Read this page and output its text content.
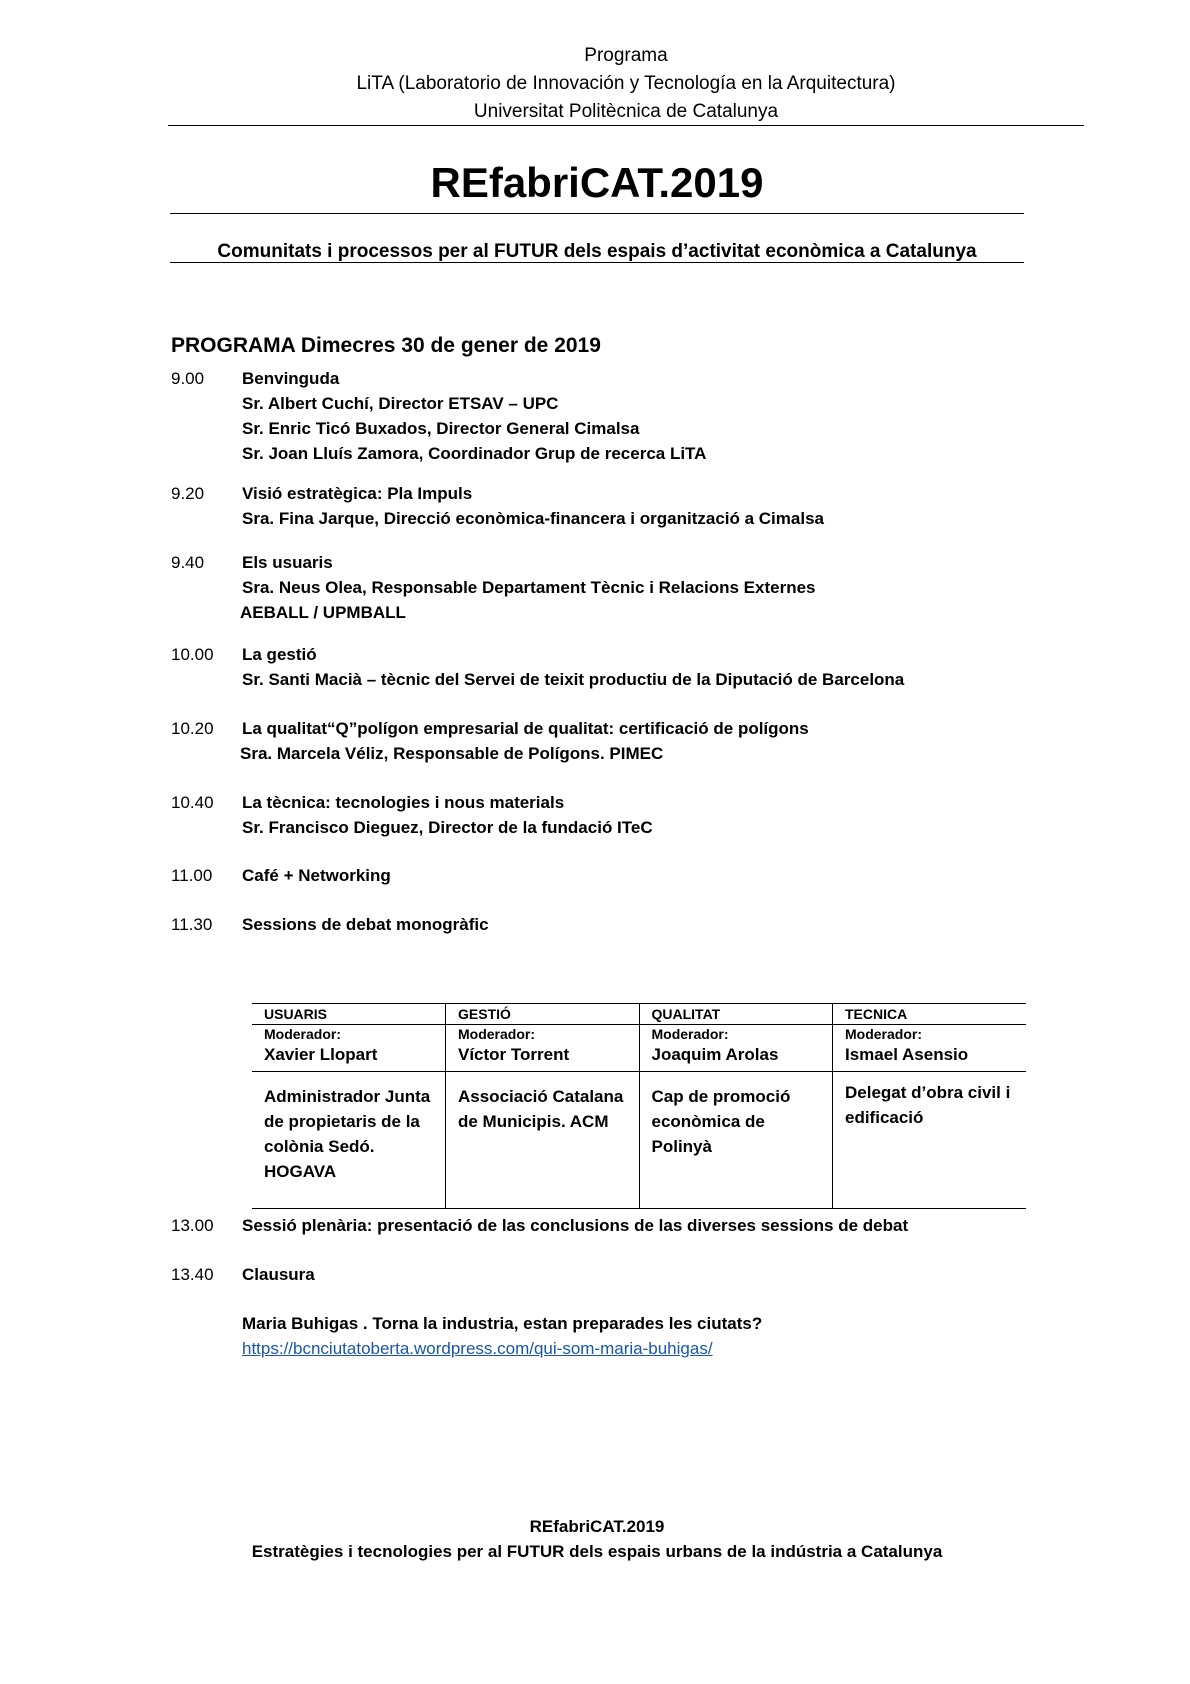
Programa
LiTA (Laboratorio de Innovación y Tecnología en la Arquitectura)
Universitat Politècnica de Catalunya
REfabriCAT.2019
Comunitats i processos per al FUTUR dels espais d’activitat econòmica a Catalunya
PROGRAMA Dimecres 30 de gener de 2019
9.00 Benvinguda
Sr. Albert Cuchí, Director ETSAV – UPC
Sr. Enric Ticó Buxados, Director General Cimalsa
Sr. Joan Lluís Zamora, Coordinador Grup de recerca LiTA
9.20 Visió estratègica: Pla Impuls
Sra. Fina Jarque, Direcció econòmica-financera i organització a Cimalsa
9.40 Els usuaris
Sra. Neus Olea, Responsable Departament Tècnic i Relacions Externes
AEBALL / UPMBALL
10.00 La gestió
Sr. Santi Macià – tècnic del Servei de teixit productiu de la Diputació de Barcelona
10.20 La qualitat“Q”polígon empresarial de qualitat: certificació de polígons
Sra. Marcela Véliz, Responsable de Polígons. PIMEC
10.40 La tècnica: tecnologies i nous materials
Sr. Francisco Dieguez, Director de la fundació ITeC
11.00 Café + Networking
11.30 Sessions de debat monogràfic
USUARIS	GESTIÓ	QUALITAT	TECNICA
Moderador:	Moderador:	Moderador:	Moderador:
Xavier Llopart	Víctor Torrent	Joaquim Arolas	Ismael Asensio
Administrador Junta de propietaris de la colònia Sedó. HOGAVA	Associació Catalana de Municipis. ACM	Cap de promoció econòmica de Polinyà	Delegat d’obra civil i edificació
13.00 Sessió plenària: presentació de las conclusions de las diverses sessions de debat
13.40 Clausura
Maria Buhigas . Torna la industria, estan preparades les ciutats?
https://bcnciutatoberta.wordpress.com/qui-som-maria-buhigas/
REfabriCAT.2019
Estratègies i tecnologies per al FUTUR dels espais urbans de la indústria a Catalunya
